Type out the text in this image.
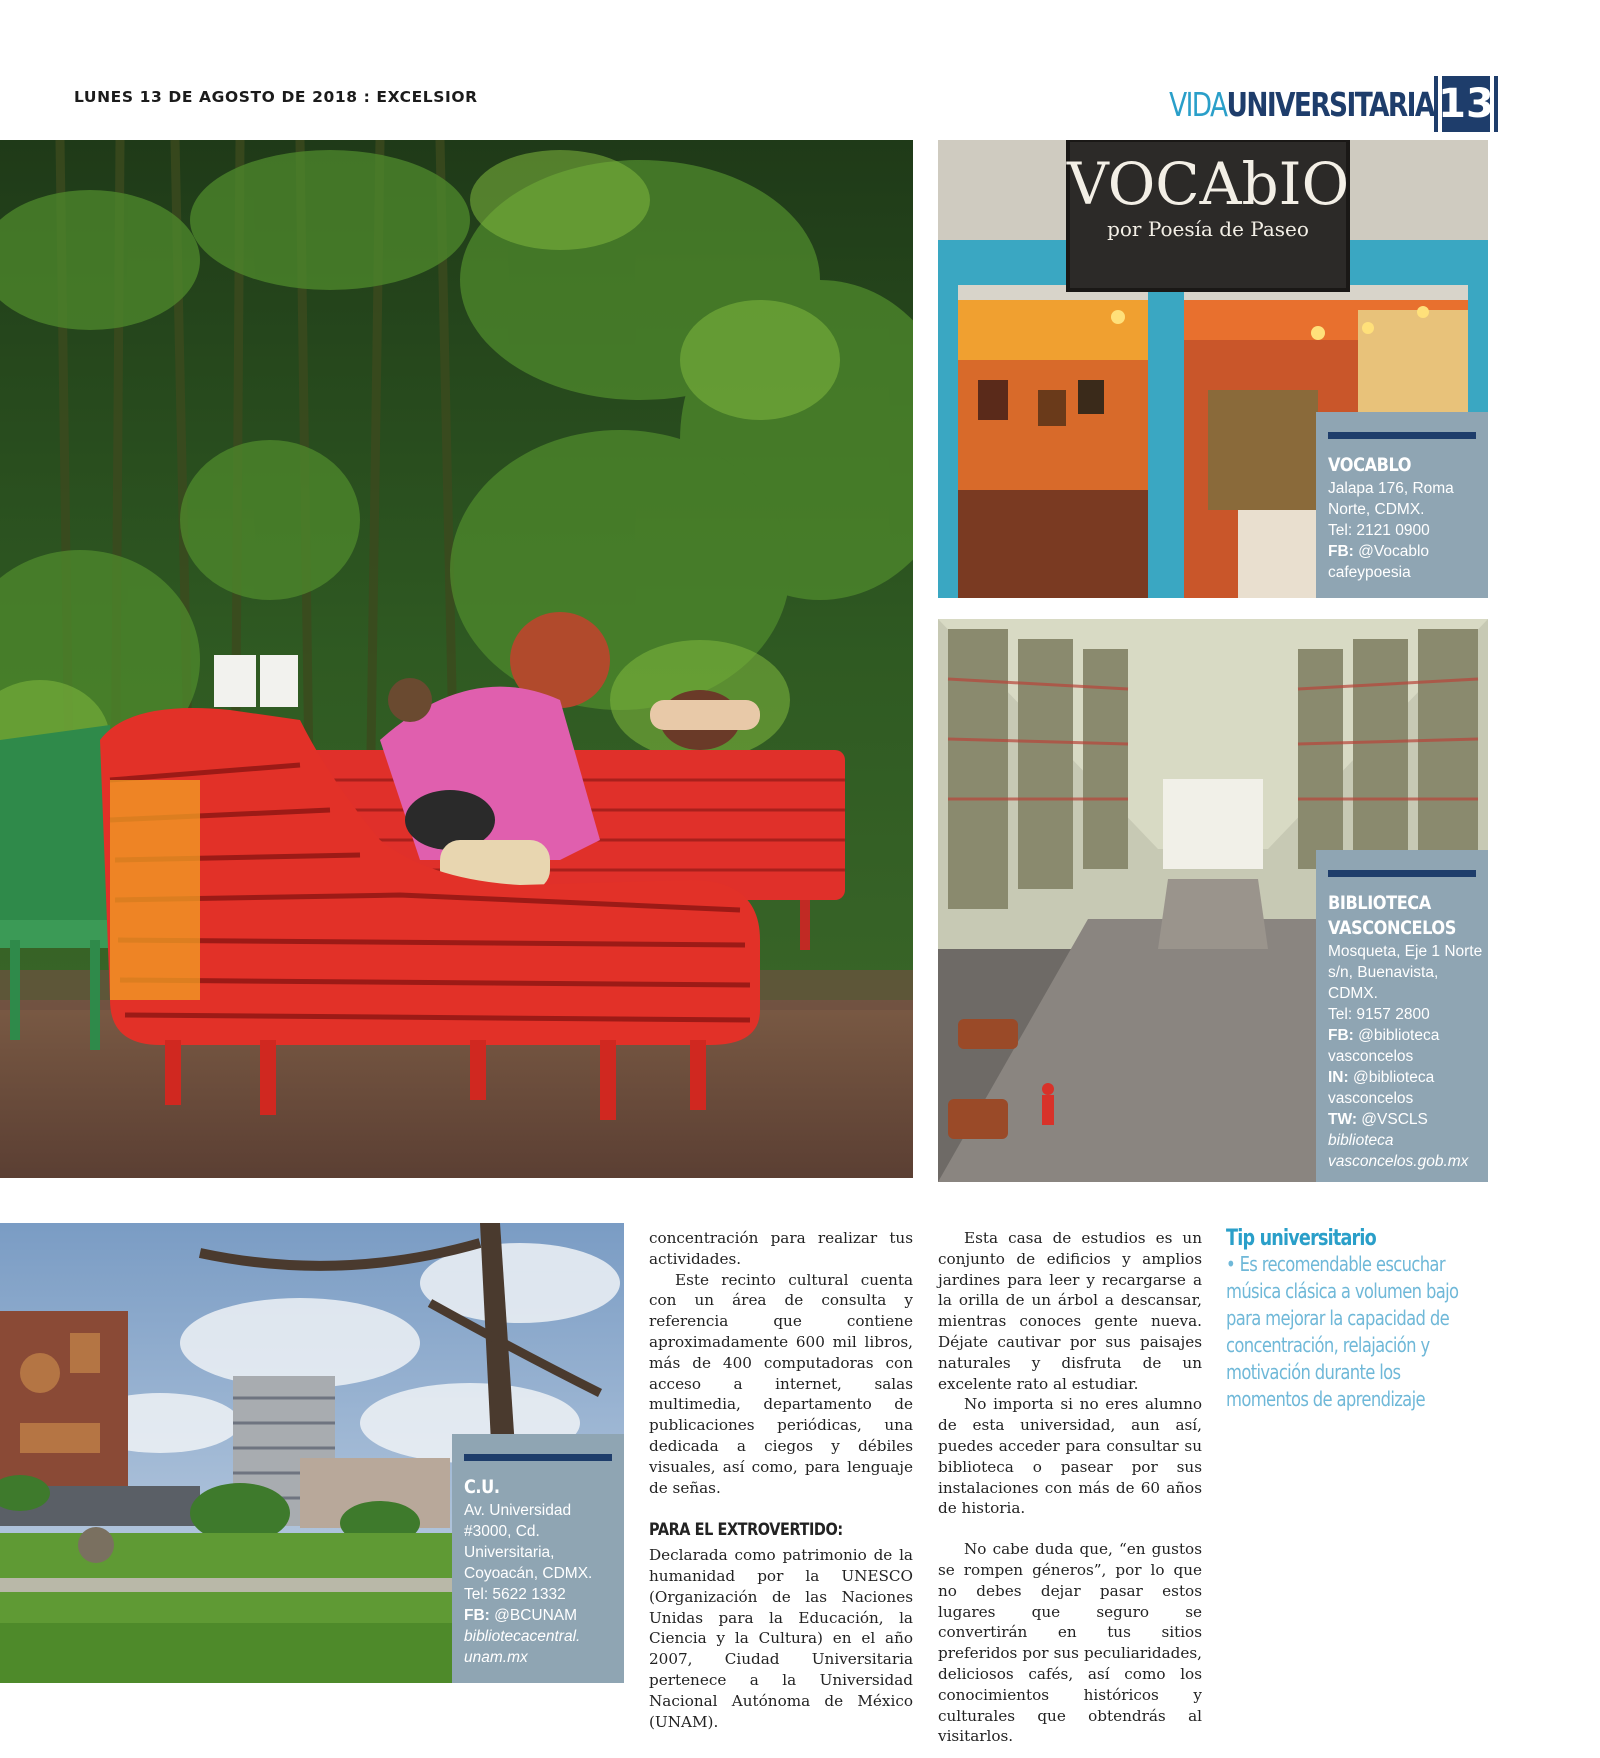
LUNES 13 DE AGOSTO DE 2018 : EXCELSIOR	VIDAUNIVERSITARIA 13
VOCAbIO
por Poesía de Paseo
VOCABLO
Jalapa 176, Roma
Norte, CDMX.
Tel: 2121 0900
FB: @Vocablo
cafeypoesia
BIBLIOTECA
VASCONCELOS
Mosqueta, Eje 1 Norte
s/n, Buenavista,
CDMX.
Tel: 9157 2800
FB: @biblioteca
vasconcelos
IN: @biblioteca
vasconcelos
TW: @VSCLS
biblioteca
vasconcelos.gob.mx
C.U.
Av. Universidad
#3000, Cd.
Universitaria,
Coyoacán, CDMX.
Tel: 5622 1332
FB: @BCUNAM
bibliotecacentral.
unam.mx

concentración para realizar tus actividades.

Este recinto cultural cuenta con un área de consulta y referencia que contiene aproximadamente 600 mil libros, más de 400 computadoras con acceso a internet, salas multimedia, departamento de publicaciones periódicas, una dedicada a ciegos y débiles visuales, así como, para lenguaje de señas.

PARA EL EXTROVERTIDO:

Declarada como patrimonio de la humanidad por la UNESCO (Organización de las Naciones Unidas para la Educación, la Ciencia y la Cultura) en el año 2007, Ciudad Universitaria pertenece a la Universidad Nacional Autónoma de México (UNAM).

Esta casa de estudios es un conjunto de edificios y amplios jardines para leer y recargarse a la orilla de un árbol a descansar, mientras conoces gente nueva. Déjate cautivar por sus paisajes naturales y disfruta de un excelente rato al estudiar.

No importa si no eres alumno de esta universidad, aun así, puedes acceder para consultar su biblioteca o pasear por sus instalaciones con más de 60 años de historia.

No cabe duda que, “en gustos se rompen géneros”, por lo que no debes dejar pasar estos lugares que seguro se convertirán en tus sitios preferidos por sus peculiaridades, deliciosos cafés, así como los conocimientos históricos y culturales que obtendrás al visitarlos.

Tip universitario
• Es recomendable escuchar música clásica a volumen bajo para mejorar la capacidad de concentración, relajación y motivación durante los momentos de aprendizaje
